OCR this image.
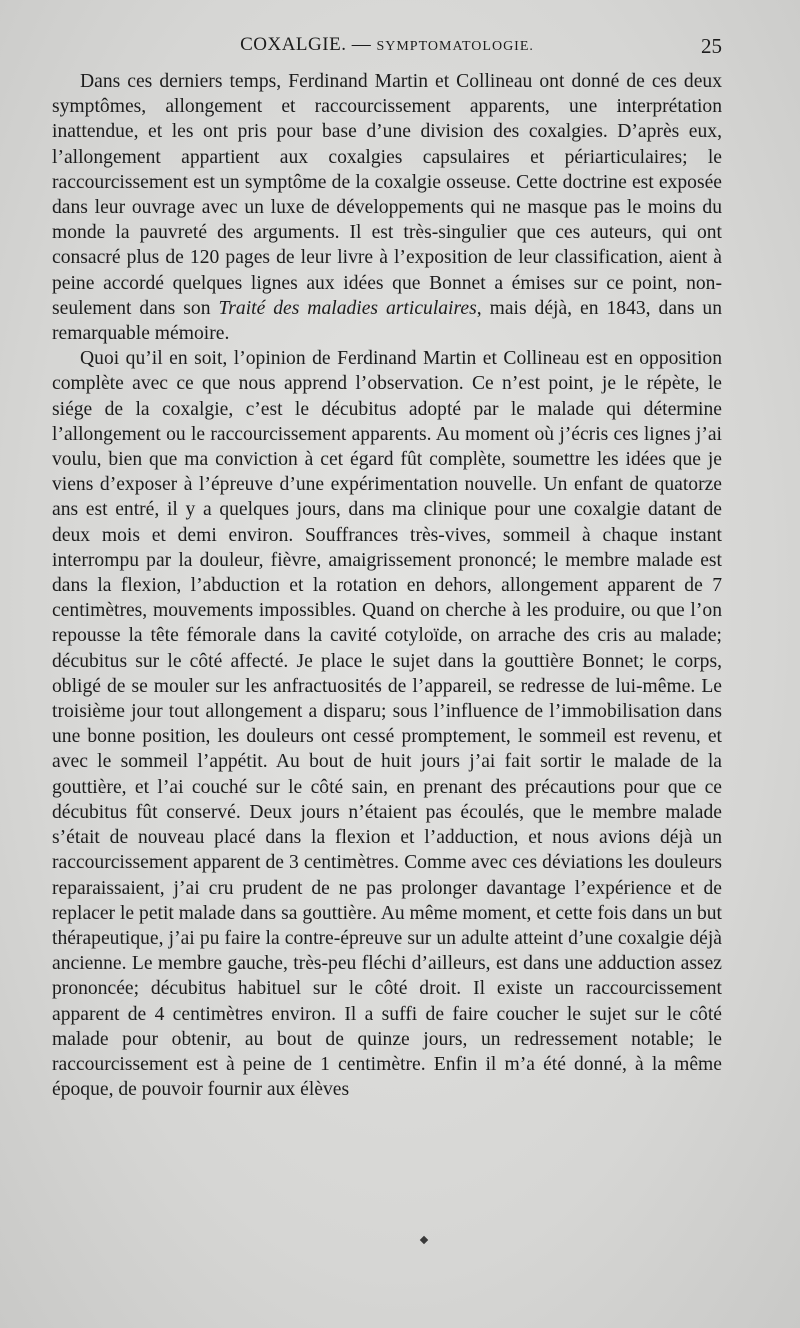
COXALGIE. — SYMPTOMATOLOGIE.	25

Dans ces derniers temps, Ferdinand Martin et Collineau ont donné de ces deux symptômes, allongement et raccourcissement apparents, une interprétation inattendue, et les ont pris pour base d’une division des coxalgies. D’après eux, l’allongement appartient aux coxalgies capsulaires et périarticulaires; le raccourcissement est un symptôme de la coxalgie osseuse. Cette doctrine est exposée dans leur ouvrage avec un luxe de développements qui ne masque pas le moins du monde la pauvreté des arguments. Il est très-singulier que ces auteurs, qui ont consacré plus de 120 pages de leur livre à l’exposition de leur classification, aient à peine accordé quelques lignes aux idées que Bonnet a émises sur ce point, non-seulement dans son Traité des maladies articulaires, mais déjà, en 1843, dans un remarquable mémoire.

Quoi qu’il en soit, l’opinion de Ferdinand Martin et Collineau est en opposition complète avec ce que nous apprend l’observation. Ce n’est point, je le répète, le siége de la coxalgie, c’est le décubitus adopté par le malade qui détermine l’allongement ou le raccourcissement apparents. Au moment où j’écris ces lignes j’ai voulu, bien que ma conviction à cet égard fût complète, soumettre les idées que je viens d’exposer à l’épreuve d’une expérimentation nouvelle. Un enfant de quatorze ans est entré, il y a quelques jours, dans ma clinique pour une coxalgie datant de deux mois et demi environ. Souffrances très-vives, sommeil à chaque instant interrompu par la douleur, fièvre, amaigrissement prononcé; le membre malade est dans la flexion, l’abduction et la rotation en dehors, allongement apparent de 7 centimètres, mouvements impossibles. Quand on cherche à les produire, ou que l’on repousse la tête fémorale dans la cavité cotyloïde, on arrache des cris au malade; décubitus sur le côté affecté. Je place le sujet dans la gouttière Bonnet; le corps, obligé de se mouler sur les anfractuosités de l’appareil, se redresse de lui-même. Le troisième jour tout allongement a disparu; sous l’influence de l’immobilisation dans une bonne position, les douleurs ont cessé promptement, le sommeil est revenu, et avec le sommeil l’appétit. Au bout de huit jours j’ai fait sortir le malade de la gouttière, et l’ai couché sur le côté sain, en prenant des précautions pour que ce décubitus fût conservé. Deux jours n’étaient pas écoulés, que le membre malade s’était de nouveau placé dans la flexion et l’adduction, et nous avions déjà un raccourcissement apparent de 3 centimètres. Comme avec ces déviations les douleurs reparaissaient, j’ai cru prudent de ne pas prolonger davantage l’expérience et de replacer le petit malade dans sa gouttière. Au même moment, et cette fois dans un but thérapeutique, j’ai pu faire la contre-épreuve sur un adulte atteint d’une coxalgie déjà ancienne. Le membre gauche, très-peu fléchi d’ailleurs, est dans une adduction assez prononcée; décubitus habituel sur le côté droit. Il existe un raccourcissement apparent de 4 centimètres environ. Il a suffi de faire coucher le sujet sur le côté malade pour obtenir, au bout de quinze jours, un redressement notable; le raccourcissement est à peine de 1 centimètre. Enfin il m’a été donné, à la même époque, de pouvoir fournir aux élèves
